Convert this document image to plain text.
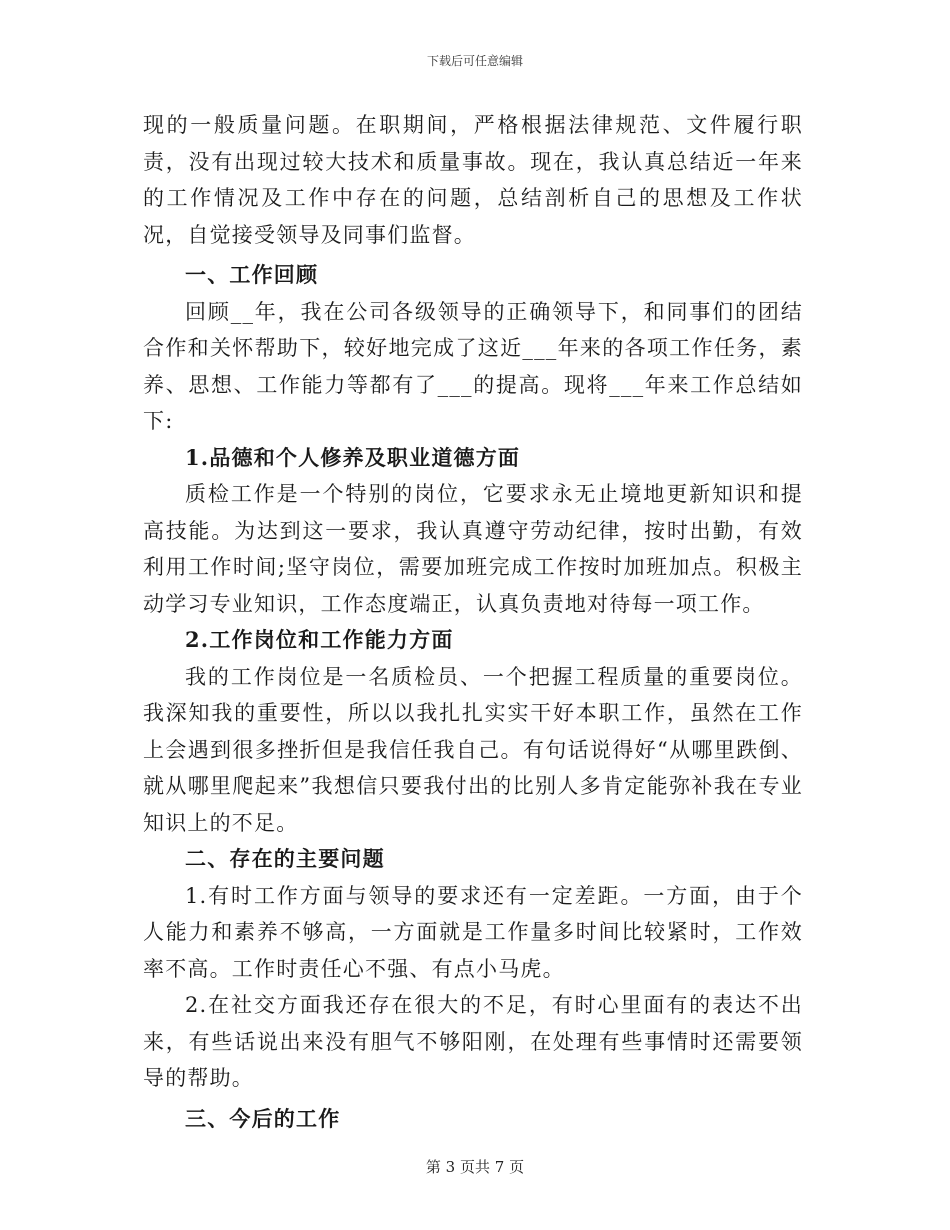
下载后可任意编辑

现的一般质量问题。在职期间，严格根据法律规范、文件履行职责，没有出现过较大技术和质量事故。现在，我认真总结近一年来的工作情况及工作中存在的问题，总结剖析自己的思想及工作状况，自觉接受领导及同事们监督。

一、工作回顾

回顾__年，我在公司各级领导的正确领导下，和同事们的团结合作和关怀帮助下，较好地完成了这近___年来的各项工作任务，素养、思想、工作能力等都有了___的提高。现将___年来工作总结如下:

1.品德和个人修养及职业道德方面

质检工作是一个特别的岗位，它要求永无止境地更新知识和提高技能。为达到这一要求，我认真遵守劳动纪律，按时出勤，有效利用工作时间;坚守岗位，需要加班完成工作按时加班加点。积极主动学习专业知识，工作态度端正，认真负责地对待每一项工作。

2.工作岗位和工作能力方面

我的工作岗位是一名质检员、一个把握工程质量的重要岗位。我深知我的重要性，所以以我扎扎实实干好本职工作，虽然在工作上会遇到很多挫折但是我信任我自己。有句话说得好“从哪里跌倒、就从哪里爬起来”我想信只要我付出的比别人多肯定能弥补我在专业知识上的不足。

二、存在的主要问题

1.有时工作方面与领导的要求还有一定差距。一方面，由于个人能力和素养不够高，一方面就是工作量多时间比较紧时，工作效率不高。工作时责任心不强、有点小马虎。

2.在社交方面我还存在很大的不足，有时心里面有的表达不出来，有些话说出来没有胆气不够阳刚，在处理有些事情时还需要领导的帮助。

三、今后的工作
第 3 页共 7 页
